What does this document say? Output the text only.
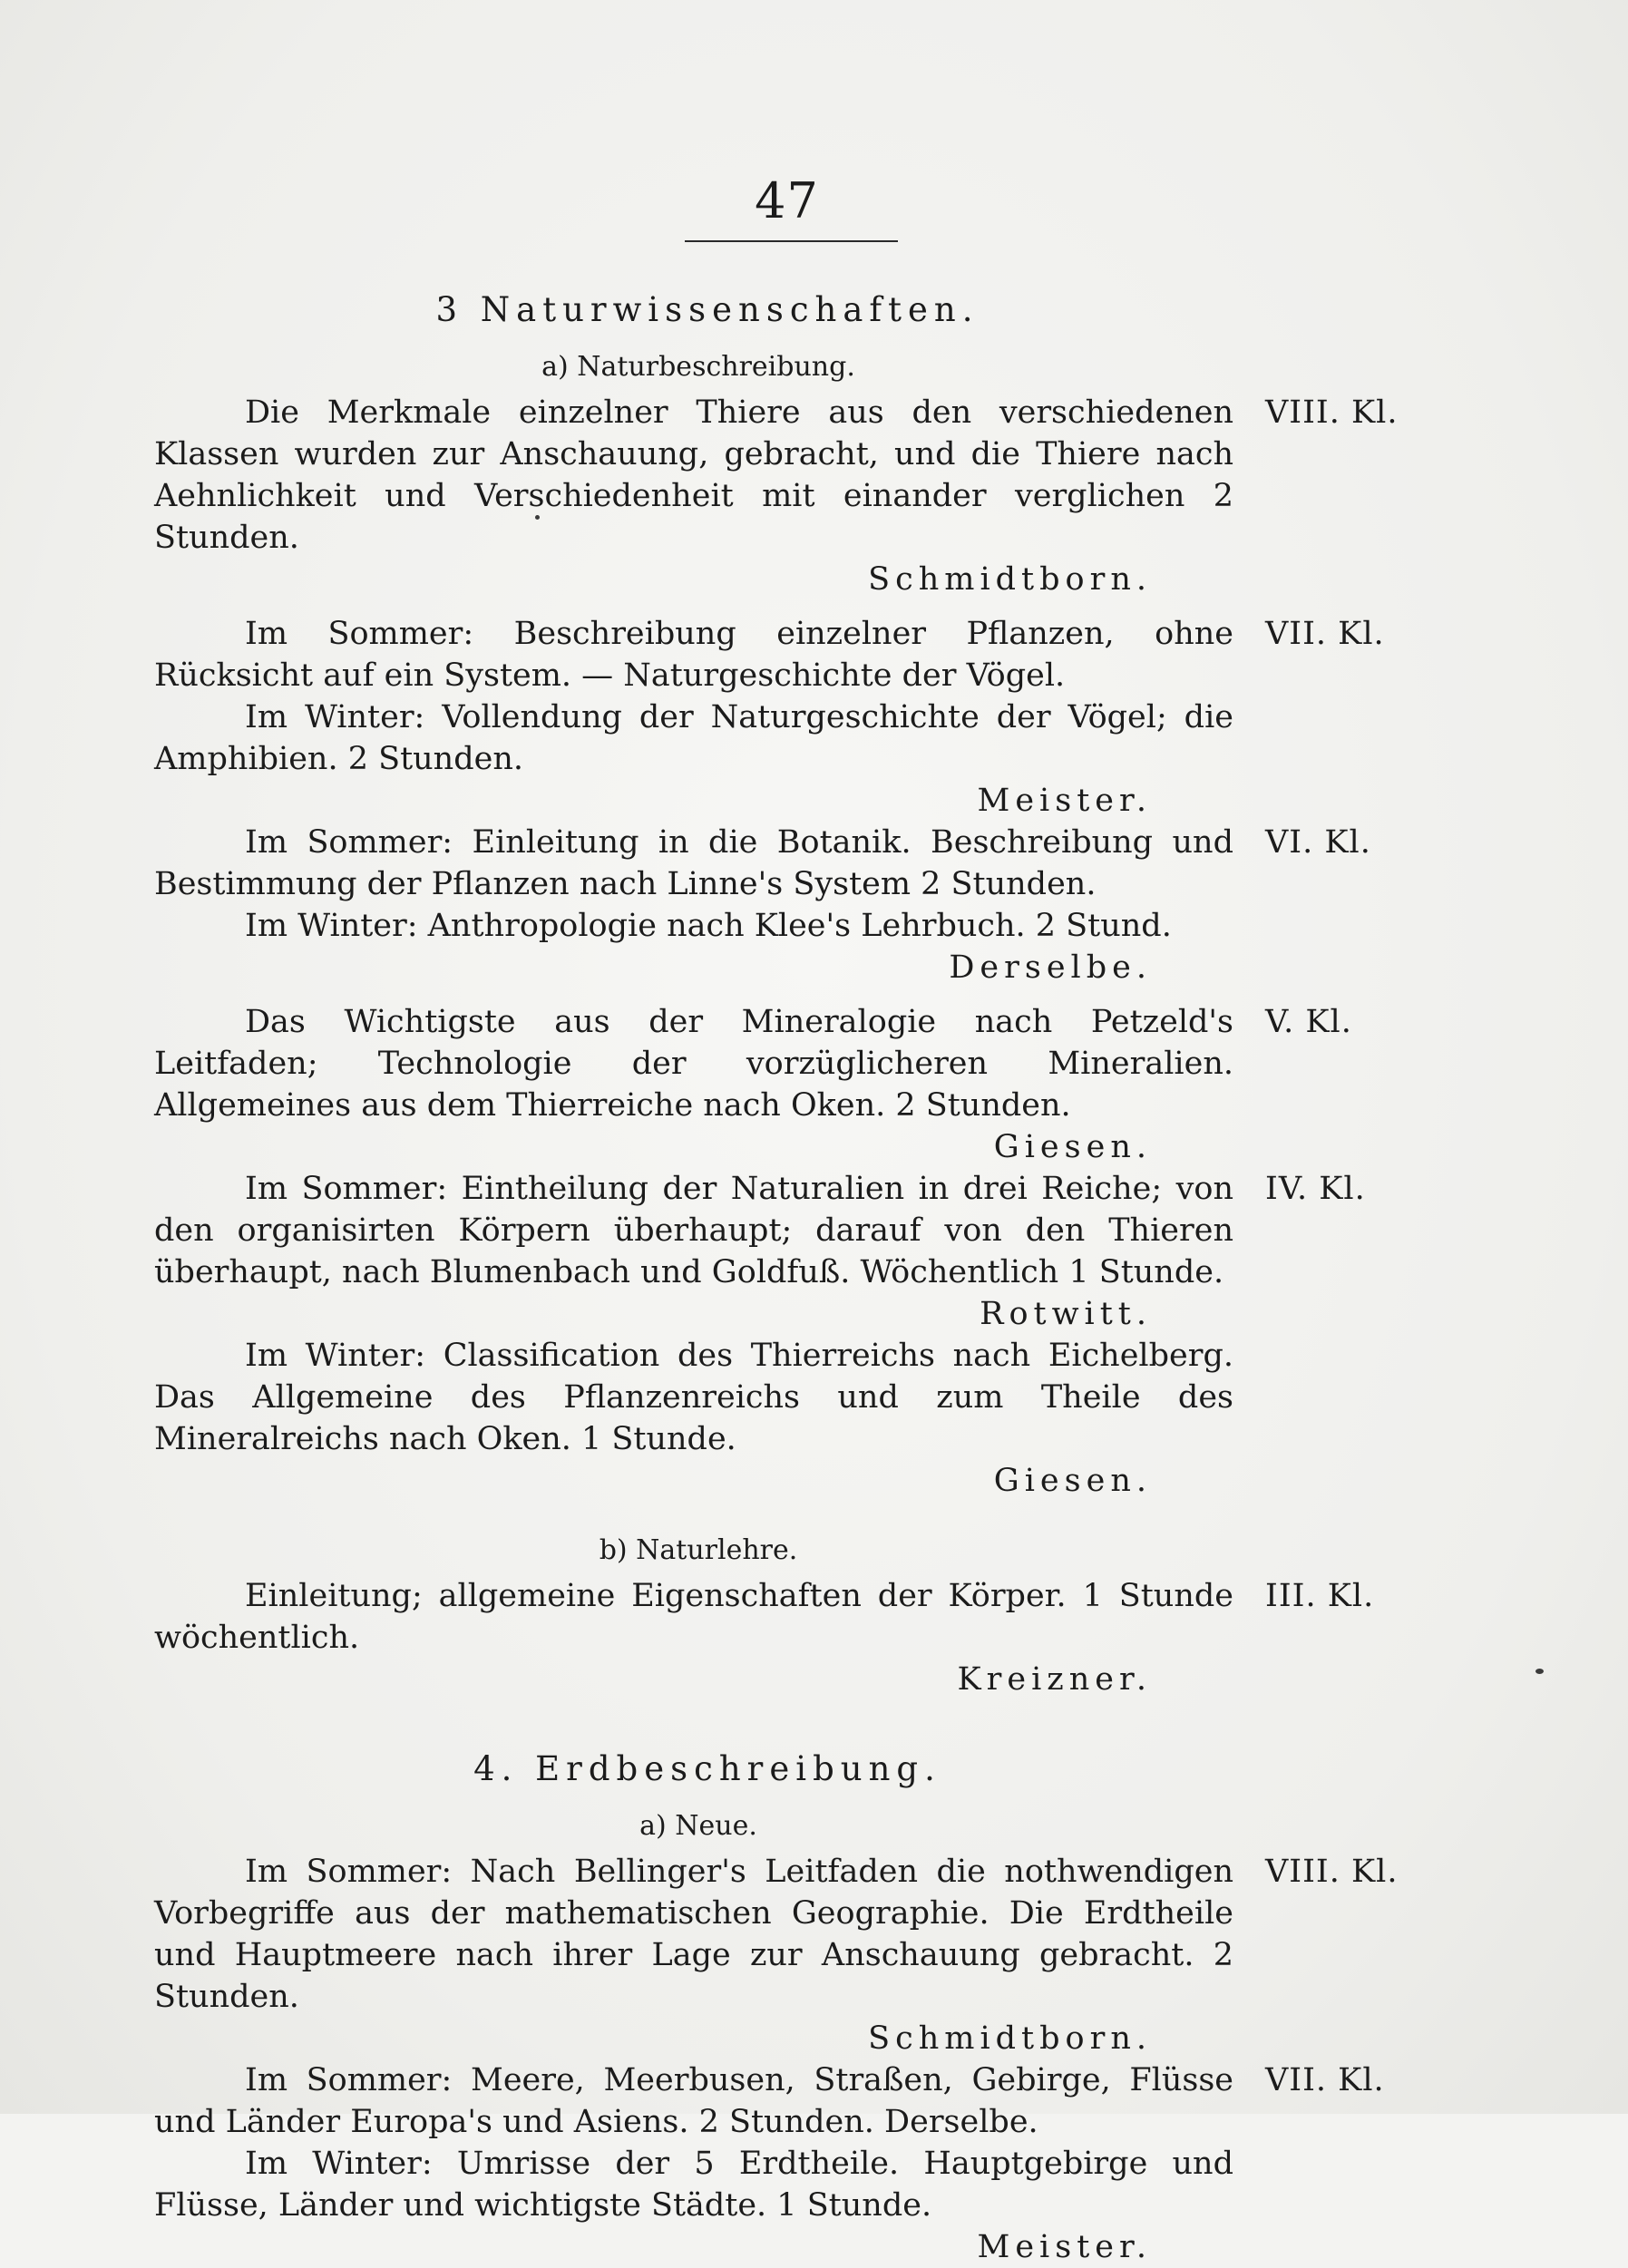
47
3 Naturwissenschaften.
a) Naturbeschreibung.
VIII. Kl.

Die Merkmale einzelner Thiere aus den verschiedenen Klassen wurden zur Anschauung, gebracht, und die Thiere nach Aehnlichkeit und Verschiedenheit mit einander verglichen 2 Stunden.

Schmidtborn.

VII. Kl.

Im Sommer: Beschreibung einzelner Pflanzen, ohne Rücksicht auf ein System. — Naturgeschichte der Vögel.

Im Winter: Vollendung der Naturgeschichte der Vögel; die Amphibien. 2 Stunden.

Meister.

VI. Kl.

Im Sommer: Einleitung in die Botanik. Beschreibung und Bestimmung der Pflanzen nach Linne's System 2 Stunden.

Im Winter: Anthropologie nach Klee's Lehrbuch. 2 Stund.

Derselbe.

V. Kl.

Das Wichtigste aus der Mineralogie nach Petzeld's Leitfaden; Technologie der vorzüglicheren Mineralien. Allgemeines aus dem Thierreiche nach Oken. 2 Stunden.

Giesen.

IV. Kl.

Im Sommer: Eintheilung der Naturalien in drei Reiche; von den organisirten Körpern überhaupt; darauf von den Thieren überhaupt, nach Blumenbach und Goldfuß. Wöchentlich 1 Stunde.

Rotwitt.

Im Winter: Classification des Thierreichs nach Eichelberg. Das Allgemeine des Pflanzenreichs und zum Theile des Mineralreichs nach Oken. 1 Stunde.

Giesen.

b) Naturlehre.
III. Kl.

Einleitung; allgemeine Eigenschaften der Körper. 1 Stunde wöchentlich.

Kreizner.

4. Erdbeschreibung.
a) Neue.
VIII. Kl.

Im Sommer: Nach Bellinger's Leitfaden die nothwendigen Vorbegriffe aus der mathematischen Geographie. Die Erdtheile und Hauptmeere nach ihrer Lage zur Anschauung gebracht. 2 Stunden.

Schmidtborn.

VII. Kl.

Im Sommer: Meere, Meerbusen, Straßen, Gebirge, Flüsse und Länder Europa's und Asiens. 2 Stunden. Derselbe.

Im Winter: Umrisse der 5 Erdtheile. Hauptgebirge und Flüsse, Länder und wichtigste Städte. 1 Stunde.

Meister.
